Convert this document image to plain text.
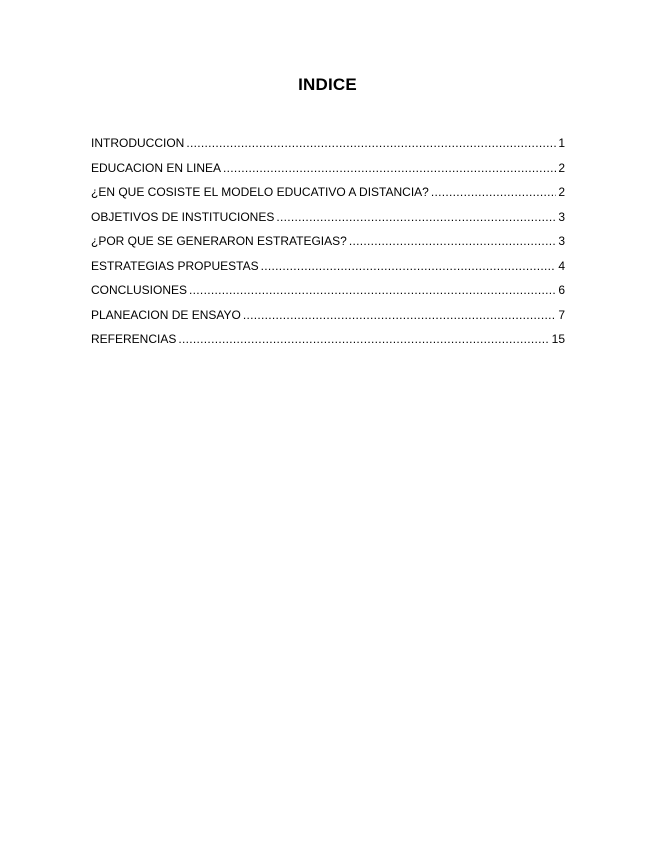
INDICE
INTRODUCCION .....	1
EDUCACION EN LINEA .....	2
¿EN QUE COSISTE EL MODELO EDUCATIVO A DISTANCIA? .....	2
OBJETIVOS DE INSTITUCIONES .....	3
¿POR QUE SE GENERARON ESTRATEGIAS? .....	3
ESTRATEGIAS PROPUESTAS .....	4
CONCLUSIONES .....	6
PLANEACION DE ENSAYO .....	7
REFERENCIAS .....	15
